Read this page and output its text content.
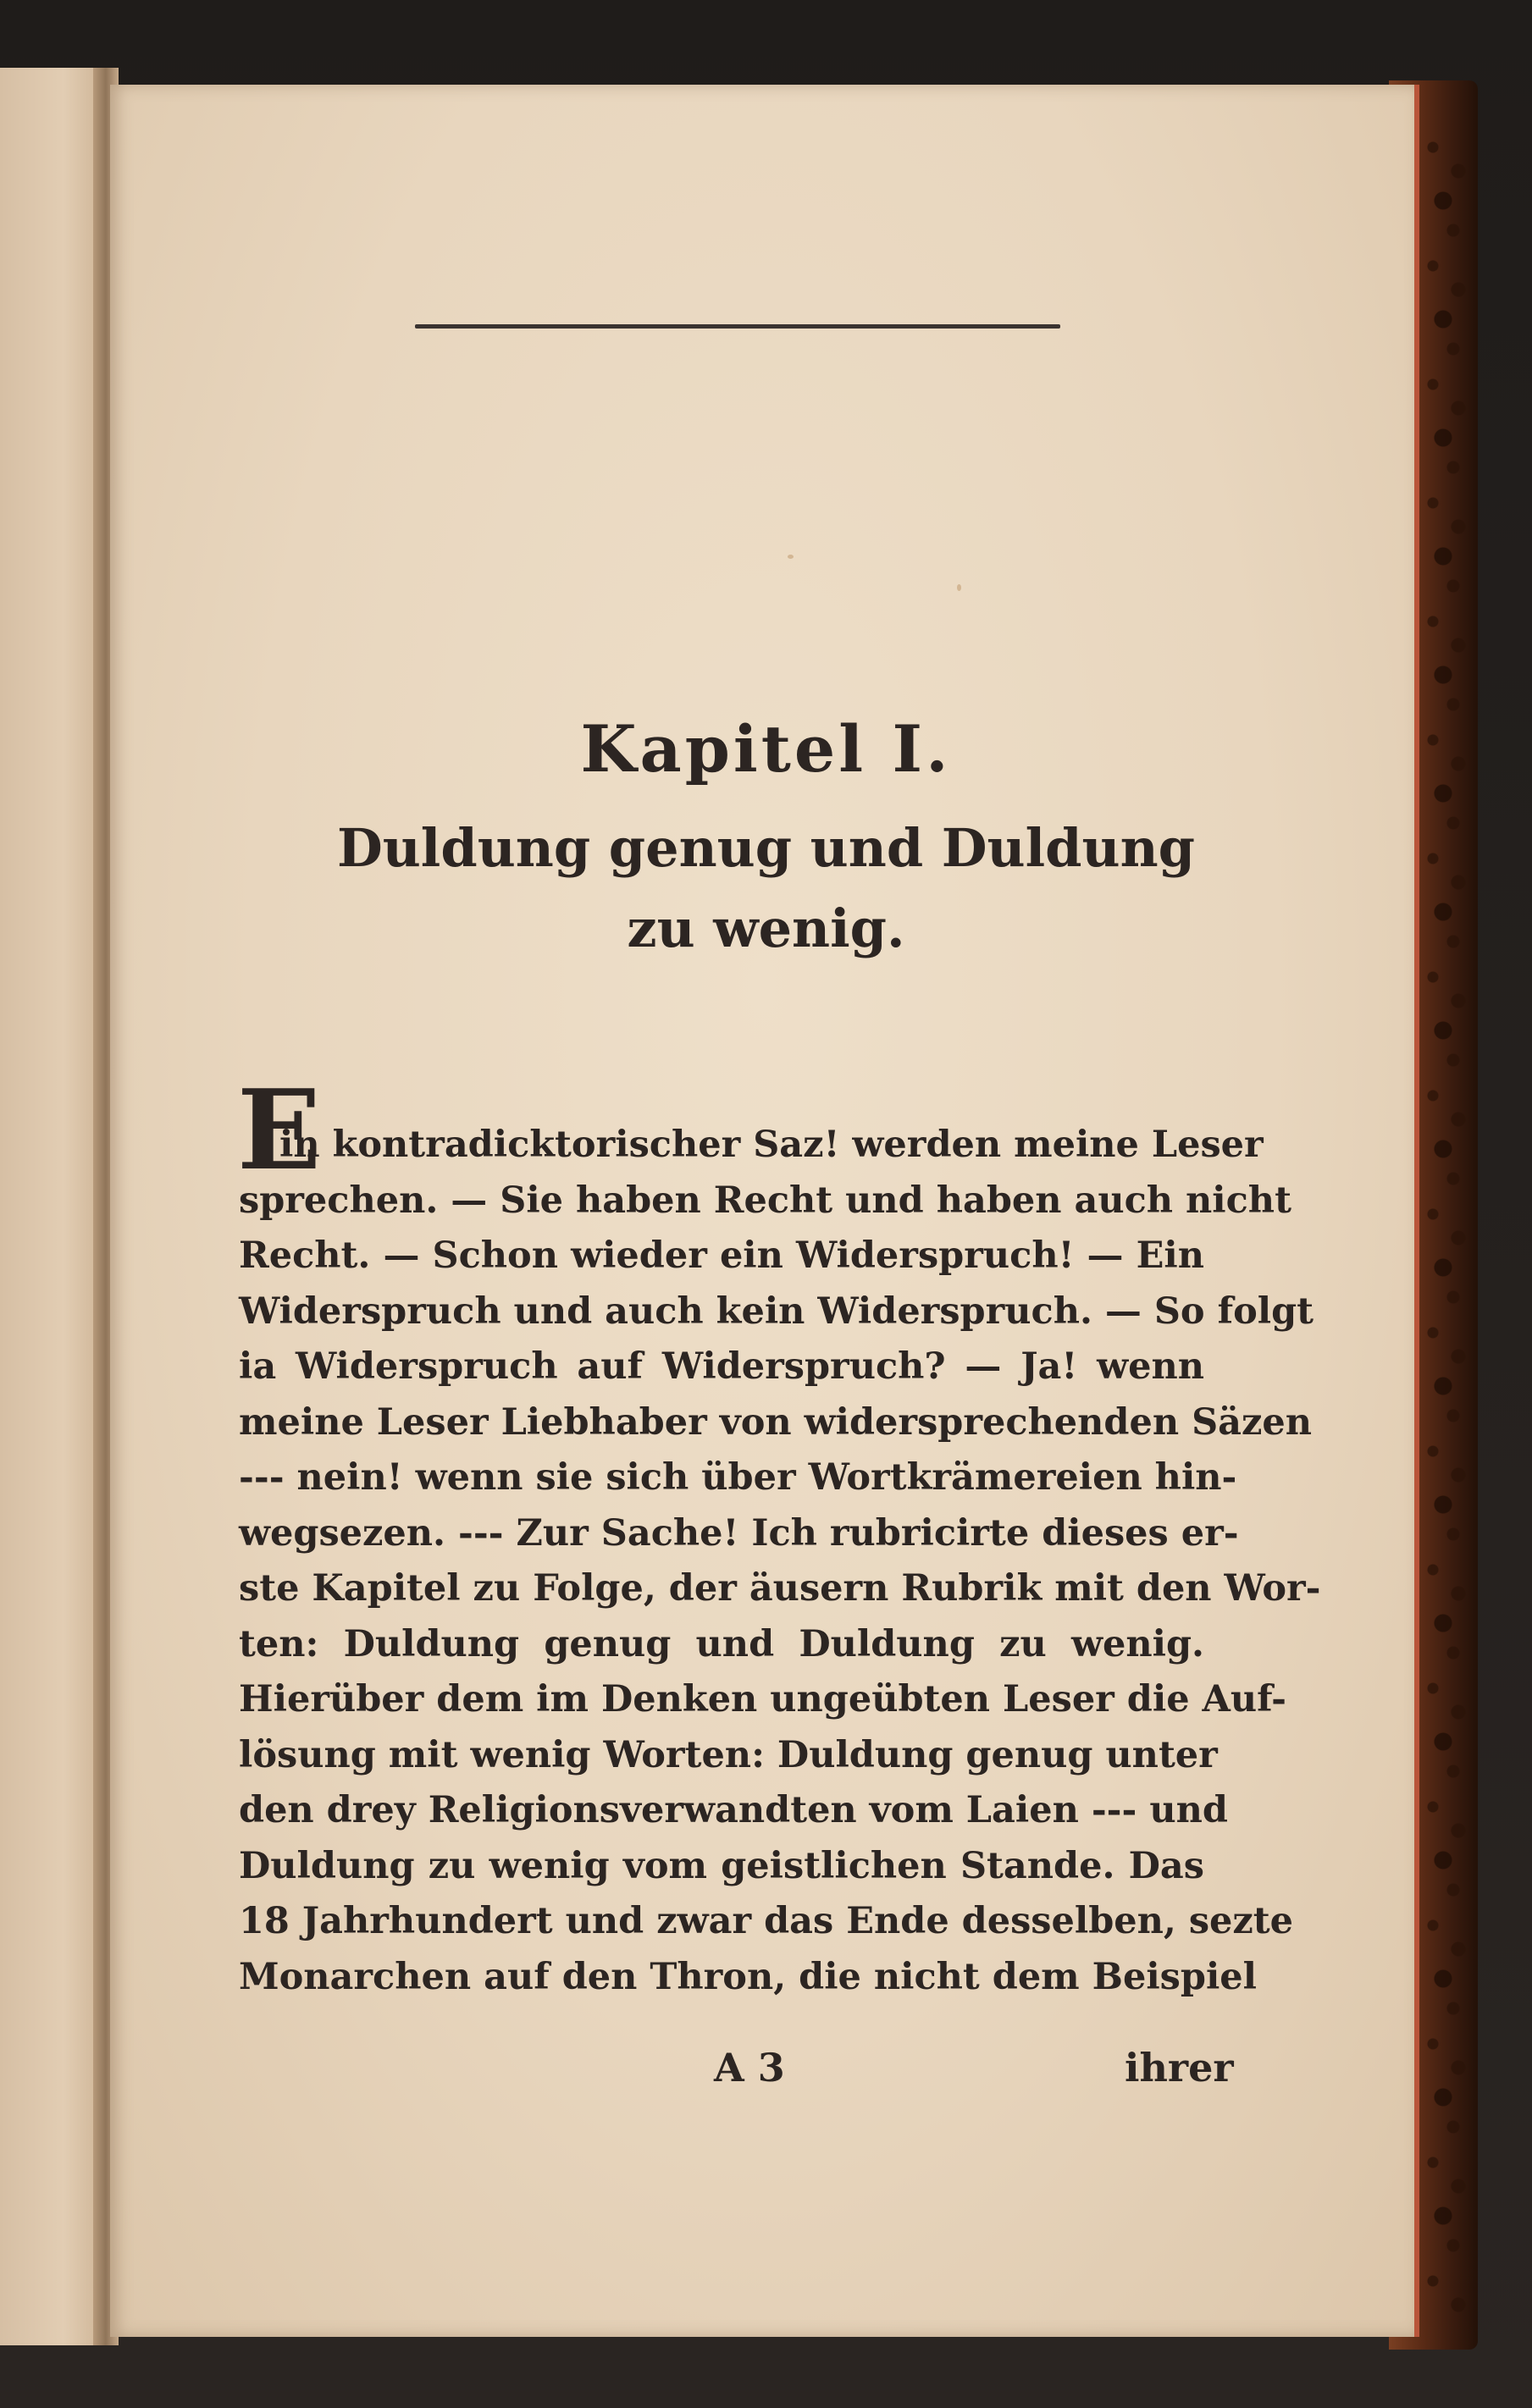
Kapitel I.
Duldung genug und Duldung
zu wenig.
E
in kontradicktorischer Saz! werden meine Leser
sprechen. — Sie haben Recht und haben auch nicht
Recht. — Schon wieder ein Widerspruch! — Ein
Widerspruch und auch kein Widerspruch. — So folgt
ia Widerspruch auf Widerspruch? — Ja! wenn
meine Leser Liebhaber von widersprechenden Säzen
--- nein! wenn sie sich über Wortkrämereien hin-
wegsezen. --- Zur Sache! Ich rubricirte dieses er-
ste Kapitel zu Folge, der äusern Rubrik mit den Wor-
ten: Duldung genug und Duldung zu wenig.
Hierüber dem im Denken ungeübten Leser die Auf-
lösung mit wenig Worten: Duldung genug unter
den drey Religionsverwandten vom Laien --- und
Duldung zu wenig vom geistlichen Stande. Das
18 Jahrhundert und zwar das Ende desselben, sezte
Monarchen auf den Thron, die nicht dem Beispiel
A 3	ihrer
